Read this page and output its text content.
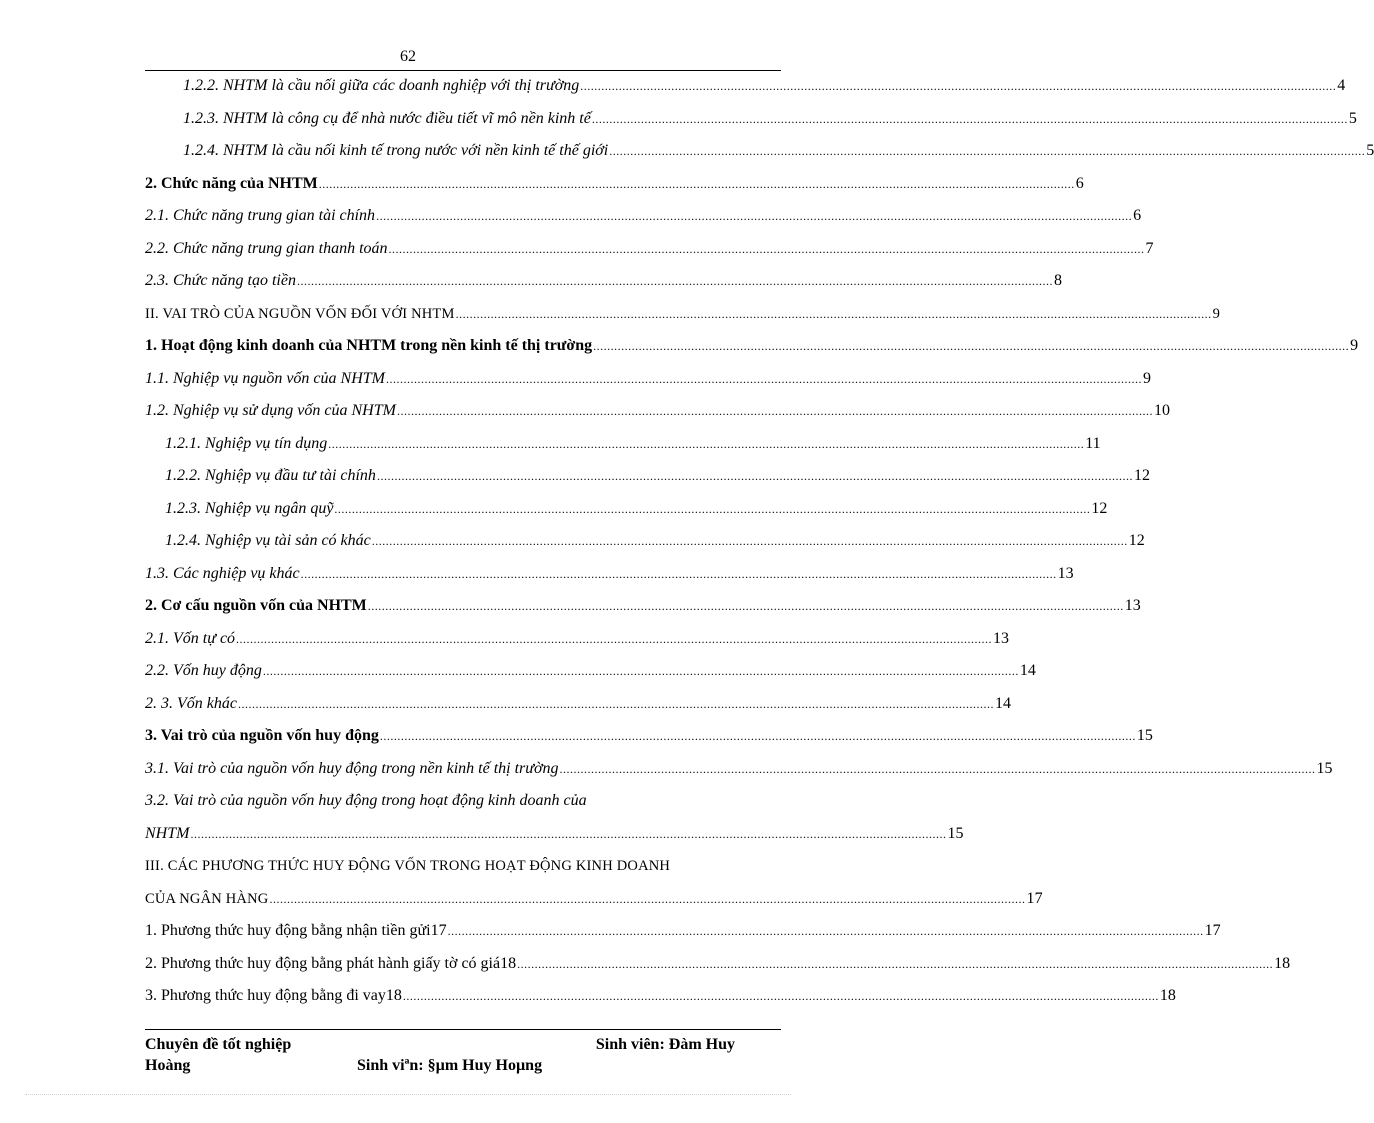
62
1.2.2. NHTM là cầu nối giữa các doanh nghiệp với thị trường ........................................................................................................................................................................................................................ 4
1.2.3. NHTM là công cụ để nhà nước điều tiết vĩ mô nền kinh tế ........................................................................................................................................................................................................................ 5
1.2.4. NHTM là cầu nối kinh tế trong nước với nền kinh tế thế giới ........................................................................................................................................................................................................................ 5
2. Chức năng của NHTM ........................................................................................................................................................................................................................ 6
2.1. Chức năng trung gian tài chính ........................................................................................................................................................................................................................ 6
2.2. Chức năng trung gian thanh toán ........................................................................................................................................................................................................................ 7
2.3. Chức năng tạo tiền ........................................................................................................................................................................................................................ 8
II. VAI TRÒ CỦA NGUỒN VỐN ĐỐI VỚI NHTM ........................................................................................................................................................................................................................ 9
1. Hoạt động kinh doanh của NHTM trong nền kinh tế thị trường ........................................................................................................................................................................................................................ 9
1.1. Nghiệp vụ nguồn vốn của NHTM ........................................................................................................................................................................................................................ 9
1.2. Nghiệp vụ sử dụng vốn của NHTM ........................................................................................................................................................................................................................ 10
1.2.1. Nghiệp vụ tín dụng ........................................................................................................................................................................................................................ 11
1.2.2. Nghiệp vụ đầu tư tài chính ........................................................................................................................................................................................................................ 12
1.2.3. Nghiệp vụ ngân quỹ ........................................................................................................................................................................................................................ 12
1.2.4. Nghiệp vụ tài sản có khác ........................................................................................................................................................................................................................ 12
1.3. Các nghiệp vụ khác ........................................................................................................................................................................................................................ 13
2. Cơ cấu nguồn vốn của NHTM ........................................................................................................................................................................................................................ 13
2.1. Vốn tự có ........................................................................................................................................................................................................................ 13
2.2. Vốn huy động ........................................................................................................................................................................................................................ 14
2. 3. Vốn khác ........................................................................................................................................................................................................................ 14
3. Vai trò của nguồn vốn huy động ........................................................................................................................................................................................................................ 15
3.1. Vai trò của nguồn vốn huy động trong nền kinh tế thị trường ........................................................................................................................................................................................................................ 15
3.2. Vai trò của nguồn vốn huy động trong hoạt động kinh doanh của
NHTM ........................................................................................................................................................................................................................ 15
III. CÁC PHƯƠNG THỨC HUY ĐỘNG VỐN TRONG HOẠT ĐỘNG KINH DOANH
CỦA NGÂN HÀNG ........................................................................................................................................................................................................................ 17
1. Phương thức huy động bằng nhận tiền gửi17 ........................................................................................................................................................................................................................ 17
2. Phương thức huy động bằng phát hành giấy tờ có giá18 ........................................................................................................................................................................................................................ 18
3. Phương thức huy động bằng đi vay18 ........................................................................................................................................................................................................................ 18
Chuyên đề tốt nghiệp	Sinh viên: Đàm Huy
Hoàng	Sinh viªn: §µm Huy Hoµng
